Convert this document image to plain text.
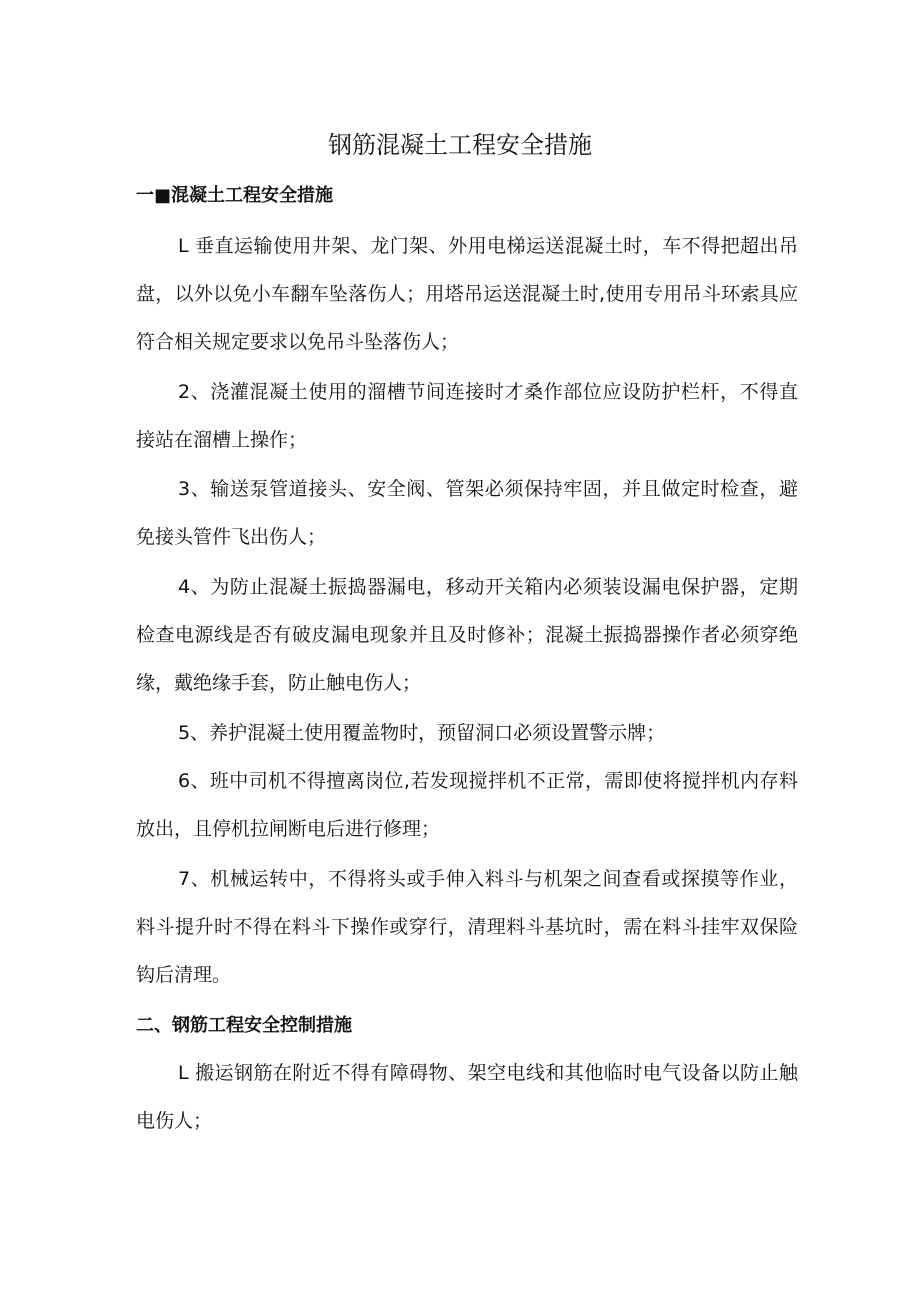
钢筋混凝土工程安全措施
一■混凝土工程安全措施

L 垂直运输使用井架、龙门架、外用电梯运送混凝土时，车不得把超出吊盘，以外以免小车翻车坠落伤人；用塔吊运送混凝土时,使用专用吊斗环索具应符合相关规定要求以免吊斗坠落伤人；

2、浇灌混凝土使用的溜槽节间连接时才桑作部位应设防护栏杆，不得直接站在溜槽上操作；

3、输送泵管道接头、安全阀、管架必须保持牢固，并且做定时检查，避免接头管件飞出伤人；

4、为防止混凝土振捣器漏电，移动开关箱内必须装设漏电保护器，定期检查电源线是否有破皮漏电现象并且及时修补；混凝土振捣器操作者必须穿绝缘，戴绝缘手套，防止触电伤人；

5、养护混凝土使用覆盖物时，预留洞口必须设置警示牌；

6、班中司机不得擅离岗位,若发现搅拌机不正常，需即使将搅拌机内存料放出，且停机拉闸断电后进行修理；

7、机械运转中，不得将头或手伸入料斗与机架之间查看或探摸等作业，料斗提升时不得在料斗下操作或穿行，清理料斗基坑时，需在料斗挂牢双保险钩后清理。

二、钢筋工程安全控制措施

L 搬运钢筋在附近不得有障碍物、架空电线和其他临时电气设备以防止触电伤人；
